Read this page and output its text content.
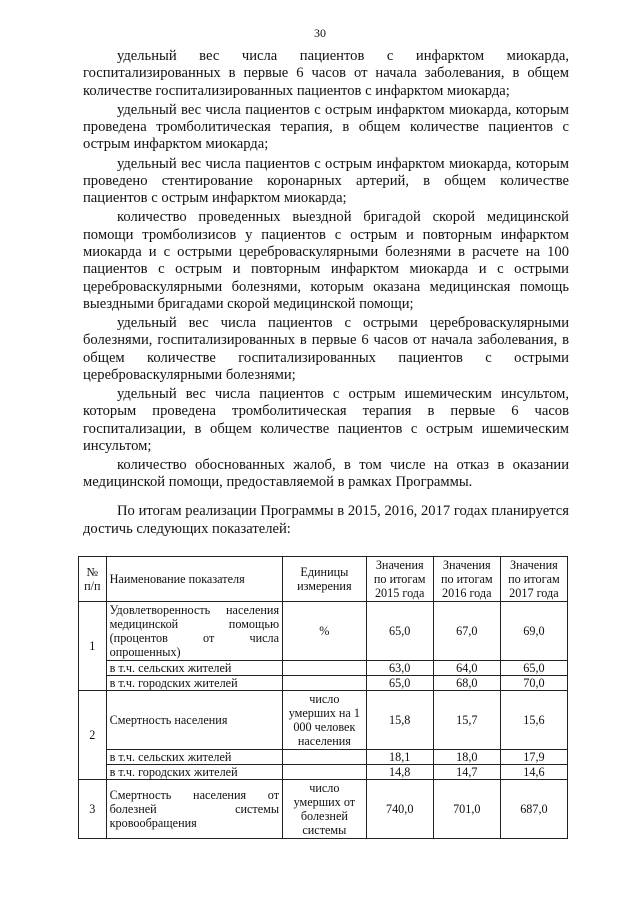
30

удельный вес числа пациентов с инфарктом миокарда, госпитализированных в первые 6 часов от начала заболевания, в общем количестве госпитализированных пациентов с инфарктом миокарда;

удельный вес числа пациентов с острым инфарктом миокарда, которым проведена тромболитическая терапия, в общем количестве пациентов с острым инфарктом миокарда;

удельный вес числа пациентов с острым инфарктом миокарда, которым проведено стентирование коронарных артерий, в общем количестве пациентов с острым инфарктом миокарда;

количество проведенных выездной бригадой скорой медицинской помощи тромболизисов у пациентов с острым и повторным инфарктом миокарда и с острыми цереброваскулярными болезнями в расчете на 100 пациентов с острым и повторным инфарктом миокарда и с острыми цереброваскулярными болезнями, которым оказана медицинская помощь выездными бригадами скорой медицинской помощи;

удельный вес числа пациентов с острыми цереброваскулярными болезнями, госпитализированных в первые 6 часов от начала заболевания, в общем количестве госпитализированных пациентов с острыми цереброваскулярными болезнями;

удельный вес числа пациентов с острым ишемическим инсультом, которым проведена тромболитическая терапия в первые 6 часов госпитализации, в общем количестве пациентов с острым ишемическим инсультом;

количество обоснованных жалоб, в том числе на отказ в оказании медицинской помощи, предоставляемой в рамках Программы.

По итогам реализации Программы в 2015, 2016, 2017 годах планируется достичь следующих показателей:

№ п/п	Наименование показателя	Единицы измерения	Значения по итогам 2015 года	Значения по итогам 2016 года	Значения по итогам 2017 года
1	Удовлетворенность населения медицинской помощью (процентов от числа опрошенных)	%	65,0	67,0	69,0
	в т.ч. сельских жителей		63,0	64,0	65,0
	в т.ч. городских жителей		65,0	68,0	70,0
2	Смертность населения	число умерших на 1 000 человек населения	15,8	15,7	15,6
	в т.ч. сельских жителей		18,1	18,0	17,9
	в т.ч. городских жителей		14,8	14,7	14,6
3	Смертность населения от болезней системы кровообращения	число умерших от болезней системы	740,0	701,0	687,0
